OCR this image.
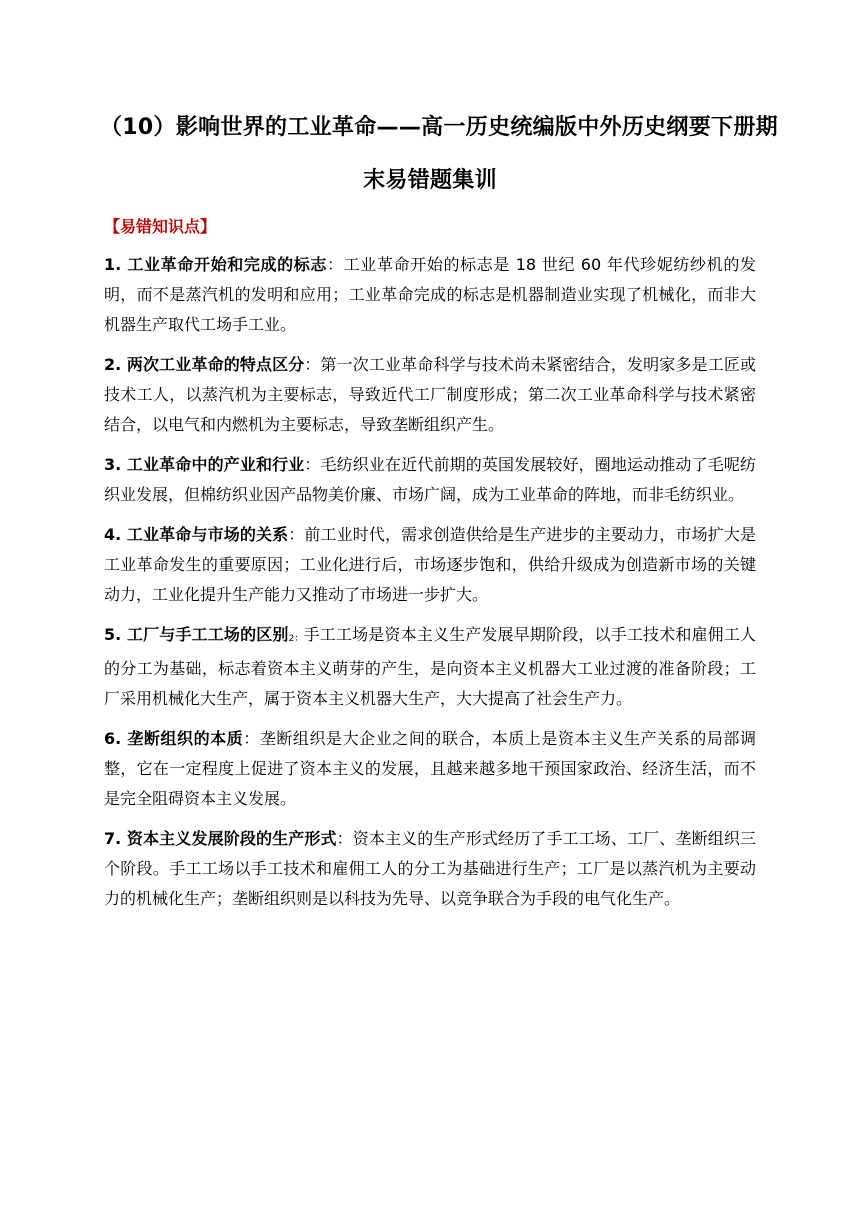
（10）影响世界的工业革命——高一历史统编版中外历史纲要下册期
末易错题集训
【易错知识点】
1. 工业革命开始和完成的标志：工业革命开始的标志是 18 世纪 60 年代珍妮纺纱机的发明，而不是蒸汽机的发明和应用；工业革命完成的标志是机器制造业实现了机械化，而非大机器生产取代工场手工业。
2. 两次工业革命的特点区分：第一次工业革命科学与技术尚未紧密结合，发明家多是工匠或技术工人，以蒸汽机为主要标志，导致近代工厂制度形成；第二次工业革命科学与技术紧密结合，以电气和内燃机为主要标志，导致垄断组织产生。
3. 工业革命中的产业和行业：毛纺织业在近代前期的英国发展较好，圈地运动推动了毛呢纺织业发展，但棉纺织业因产品物美价廉、市场广阔，成为工业革命的阵地，而非毛纺织业。
4. 工业革命与市场的关系：前工业时代，需求创造供给是生产进步的主要动力，市场扩大是工业革命发生的重要原因；工业化进行后，市场逐步饱和，供给升级成为创造新市场的关键动力，工业化提升生产能力又推动了市场进一步扩大。
5. 工厂与手工工场的区别2：手工工场是资本主义生产发展早期阶段，以手工技术和雇佣工人的分工为基础，标志着资本主义萌芽的产生，是向资本主义机器大工业过渡的准备阶段；工厂采用机械化大生产，属于资本主义机器大生产，大大提高了社会生产力。
6. 垄断组织的本质：垄断组织是大企业之间的联合，本质上是资本主义生产关系的局部调整，它在一定程度上促进了资本主义的发展，且越来越多地干预国家政治、经济生活，而不是完全阻碍资本主义发展。
7. 资本主义发展阶段的生产形式：资本主义的生产形式经历了手工工场、工厂、垄断组织三个阶段。手工工场以手工技术和雇佣工人的分工为基础进行生产；工厂是以蒸汽机为主要动力的机械化生产；垄断组织则是以科技为先导、以竞争联合为手段的电气化生产。
